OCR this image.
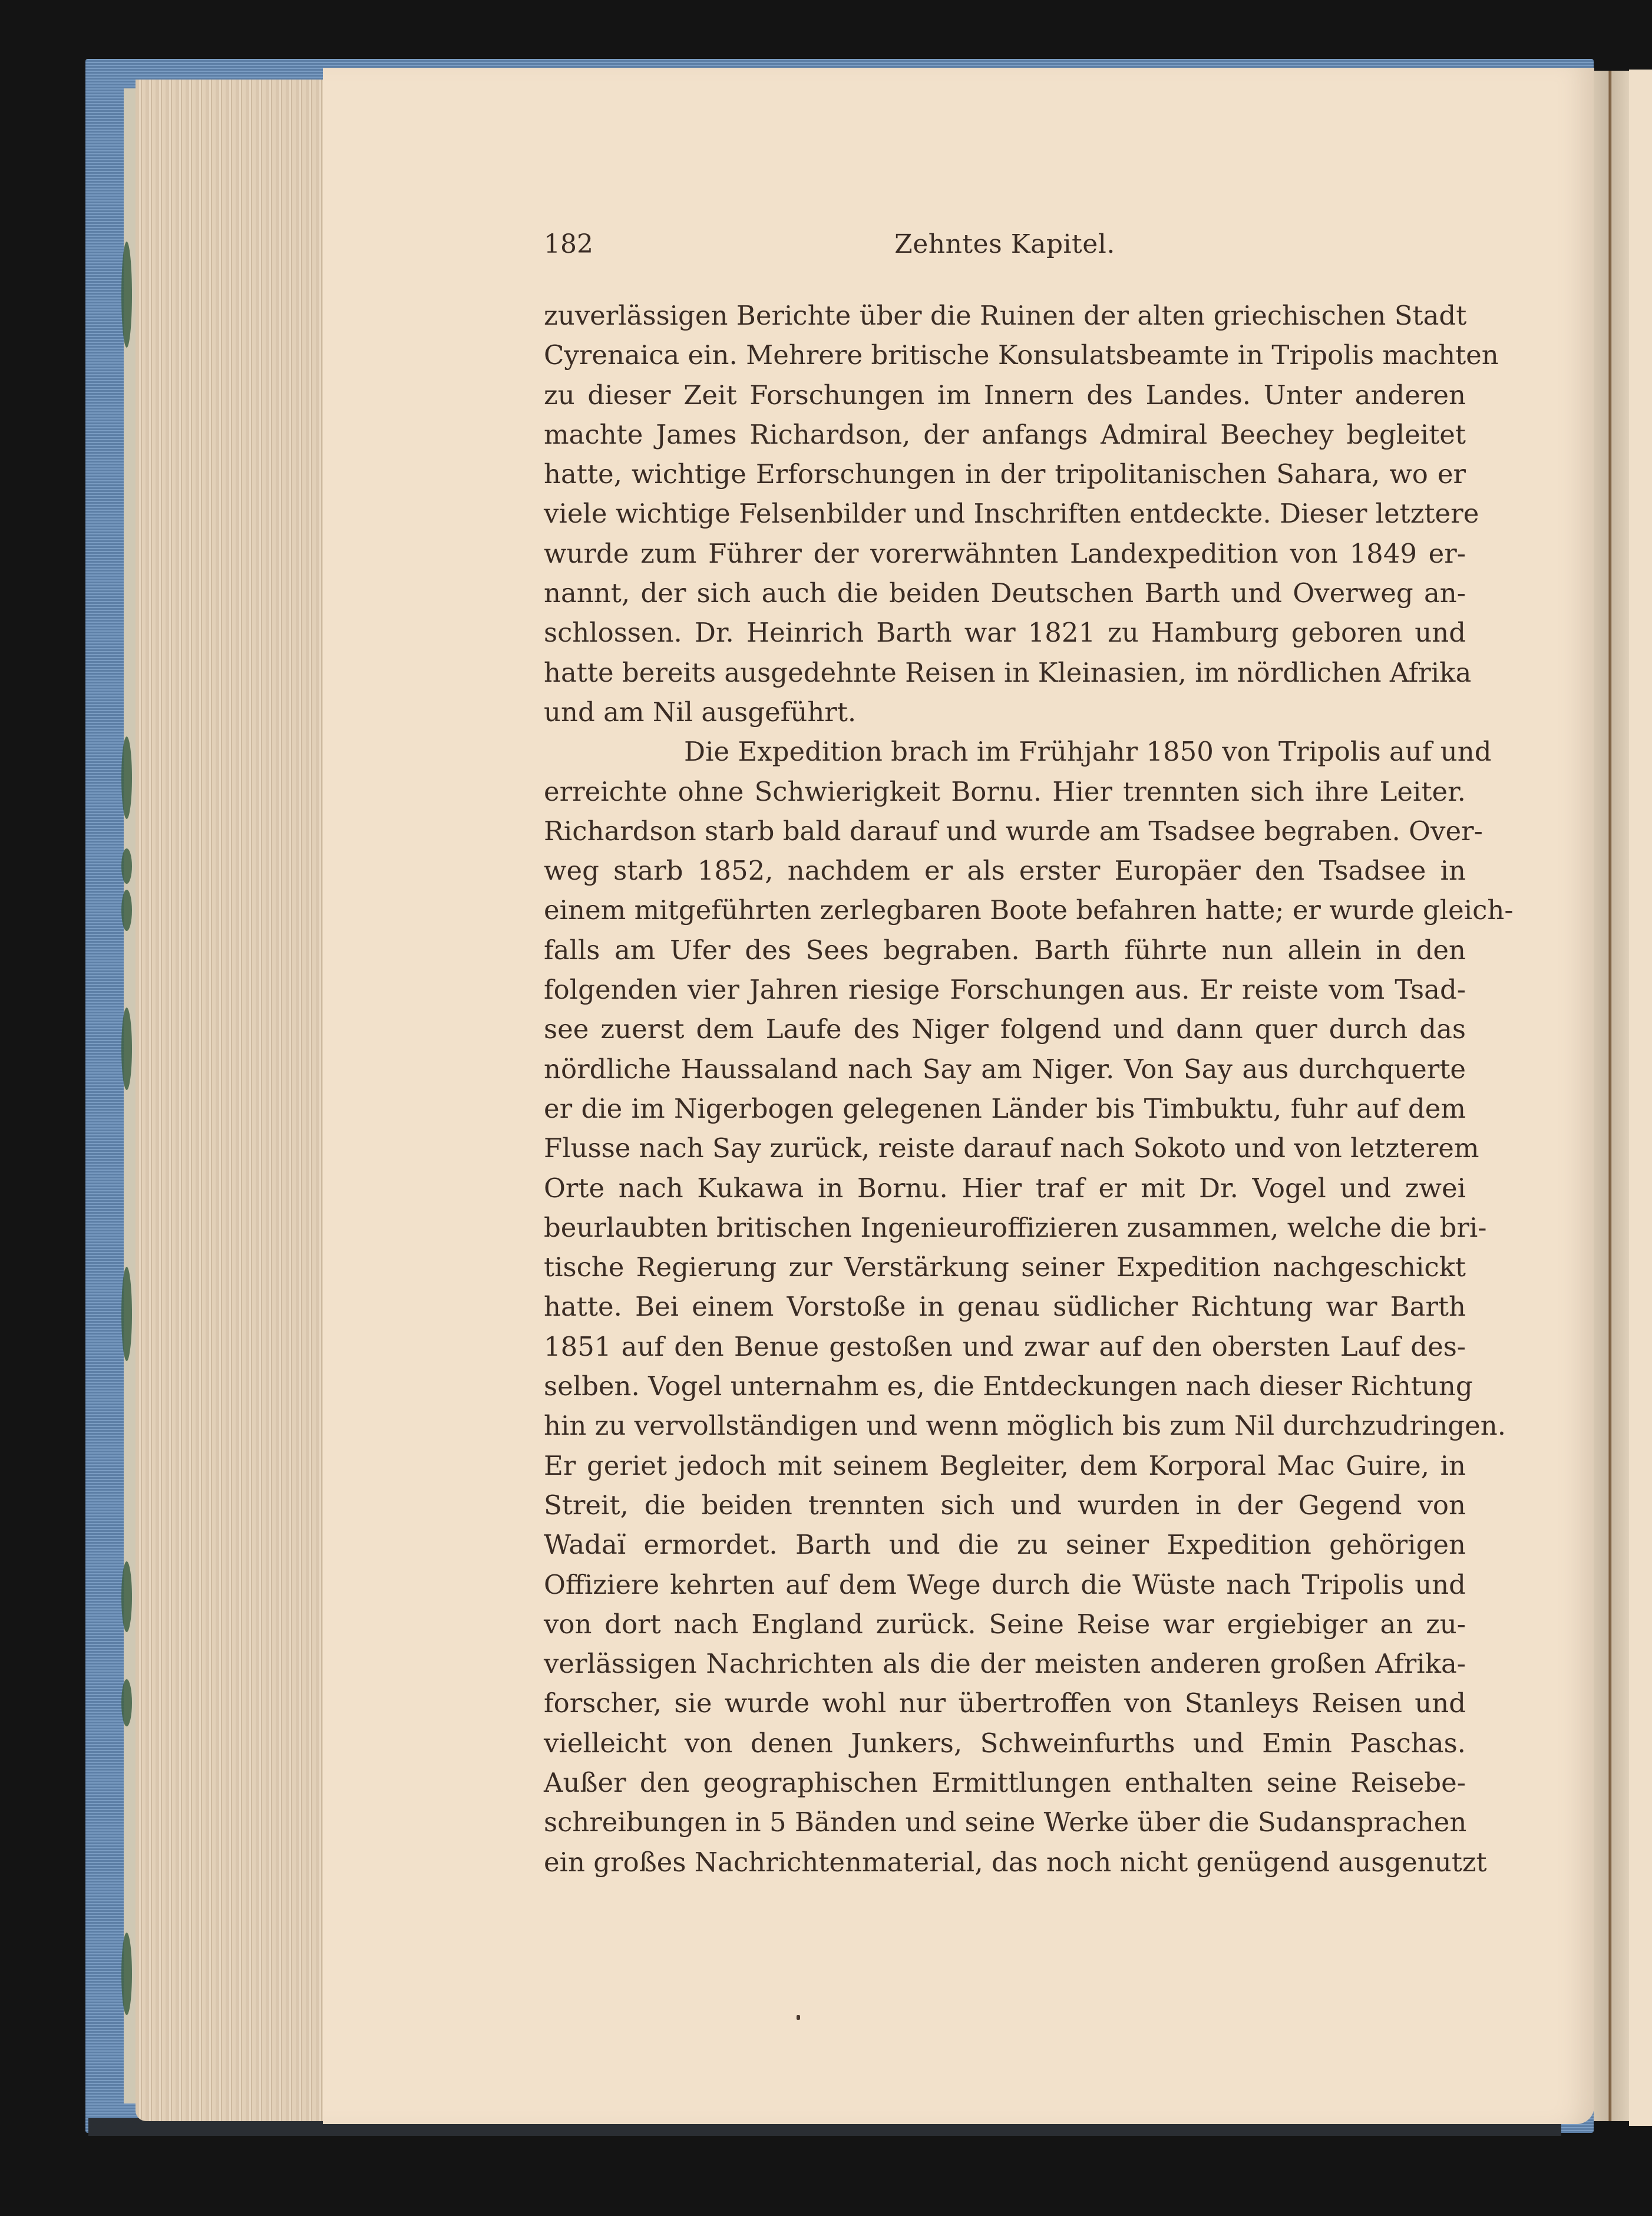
182	Zehntes Kapitel.
zuverlässigen Berichte über die Ruinen der alten griechischen Stadt
Cyrenaica ein. Mehrere britische Konsulatsbeamte in Tripolis machten
zu dieser Zeit Forschungen im Innern des Landes. Unter anderen
machte James Richardson, der anfangs Admiral Beechey begleitet
hatte, wichtige Erforschungen in der tripolitanischen Sahara, wo er
viele wichtige Felsenbilder und Inschriften entdeckte. Dieser letztere
wurde zum Führer der vorerwähnten Landexpedition von 1849 er-
nannt, der sich auch die beiden Deutschen Barth und Overweg an-
schlossen. Dr. Heinrich Barth war 1821 zu Hamburg geboren und
hatte bereits ausgedehnte Reisen in Kleinasien, im nördlichen Afrika
und am Nil ausgeführt.
Die Expedition brach im Frühjahr 1850 von Tripolis auf und
erreichte ohne Schwierigkeit Bornu. Hier trennten sich ihre Leiter.
Richardson starb bald darauf und wurde am Tsadsee begraben. Over-
weg starb 1852, nachdem er als erster Europäer den Tsadsee in
einem mitgeführten zerlegbaren Boote befahren hatte; er wurde gleich-
falls am Ufer des Sees begraben. Barth führte nun allein in den
folgenden vier Jahren riesige Forschungen aus. Er reiste vom Tsad-
see zuerst dem Laufe des Niger folgend und dann quer durch das
nördliche Haussaland nach Say am Niger. Von Say aus durchquerte
er die im Nigerbogen gelegenen Länder bis Timbuktu, fuhr auf dem
Flusse nach Say zurück, reiste darauf nach Sokoto und von letzterem
Orte nach Kukawa in Bornu. Hier traf er mit Dr. Vogel und zwei
beurlaubten britischen Ingenieuroffizieren zusammen, welche die bri-
tische Regierung zur Verstärkung seiner Expedition nachgeschickt
hatte. Bei einem Vorstoße in genau südlicher Richtung war Barth
1851 auf den Benue gestoßen und zwar auf den obersten Lauf des-
selben. Vogel unternahm es, die Entdeckungen nach dieser Richtung
hin zu vervollständigen und wenn möglich bis zum Nil durchzudringen.
Er geriet jedoch mit seinem Begleiter, dem Korporal Mac Guire, in
Streit, die beiden trennten sich und wurden in der Gegend von
Wadaï ermordet. Barth und die zu seiner Expedition gehörigen
Offiziere kehrten auf dem Wege durch die Wüste nach Tripolis und
von dort nach England zurück. Seine Reise war ergiebiger an zu-
verlässigen Nachrichten als die der meisten anderen großen Afrika-
forscher, sie wurde wohl nur übertroffen von Stanleys Reisen und
vielleicht von denen Junkers, Schweinfurths und Emin Paschas.
Außer den geographischen Ermittlungen enthalten seine Reisebe-
schreibungen in 5 Bänden und seine Werke über die Sudansprachen
ein großes Nachrichtenmaterial, das noch nicht genügend ausgenutzt
